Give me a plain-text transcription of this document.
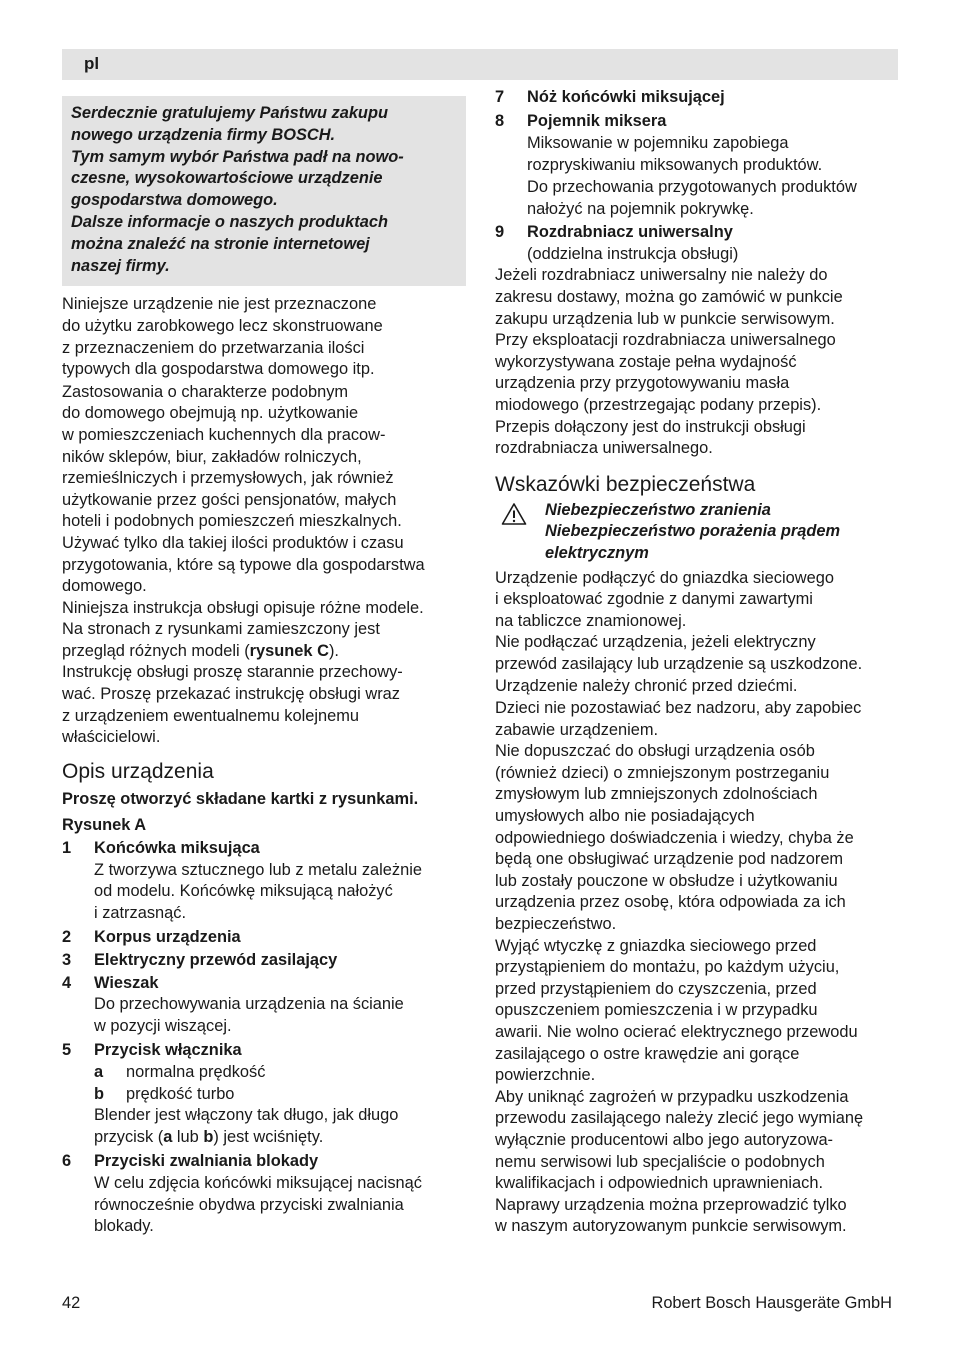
pl
Serdecznie gratulujemy Państwu zakupu
nowego urządzenia firmy BOSCH.
Tym samym wybór Państwa padł na nowo-
czesne, wysokowartościowe urządzenie
gospodarstwa domowego.
Dalsze informacje o naszych produktach
można znaleźć na stronie internetowej
naszej firmy.

Niniejsze urządzenie nie jest przeznaczone
do użytku zarobkowego lecz skonstruowane
z przeznaczeniem do przetwarzania ilości
typowych dla gospodarstwa domowego itp.

Zastosowania o charakterze podobnym
do domowego obejmują np. użytkowanie
w pomieszczeniach kuchennych dla pracow-
ników sklepów, biur, zakładów rolniczych,
rzemieślniczych i przemysłowych, jak również
użytkowanie przez gości pensjonatów, małych
hoteli i podobnych pomieszczeń mieszkalnych.

Używać tylko dla takiej ilości produktów i czasu
przygotowania, które są typowe dla gospodarstwa
domowego.

Niniejsza instrukcja obsługi opisuje różne modele.
Na stronach z rysunkami zamieszczony jest
przegląd różnych modeli (rysunek C).

Instrukcję obsługi proszę starannie przechowy-
wać. Proszę przekazać instrukcję obsługi wraz
z urządzeniem ewentualnemu kolejnemu
właścicielowi.

Opis urządzenia
Proszę otworzyć składane kartki z rysunkami.
Rysunek A
1	Końcówka miksująca
Z tworzywa sztucznego lub z metalu zależnie
od modelu. Końcówkę miksującą nałożyć
i zatrzasnąć.
2	Korpus urządzenia
3	Elektryczny przewód zasilający
4	Wieszak
Do przechowywania urządzenia na ścianie
w pozycji wiszącej.
5	Przycisk włącznika
a	normalna prędkość
b	prędkość turbo
Blender jest włączony tak długo, jak długo
przycisk (a lub b) jest wciśnięty.
6	Przyciski zwalniania blokady
W celu zdjęcia końcówki miksującej nacisnąć
równocześnie obydwa przyciski zwalniania
blokady.
7	Nóż końcówki miksującej
8	Pojemnik miksera
Miksowanie w pojemniku zapobiega
rozpryskiwaniu miksowanych produktów.
Do przechowania przygotowanych produktów
nałożyć na pojemnik pokrywkę.
9	Rozdrabniacz uniwersalny
(oddzielna instrukcja obsługi)

Jeżeli rozdrabniacz uniwersalny nie należy do
zakresu dostawy, można go zamówić w punkcie
zakupu urządzenia lub w punkcie serwisowym.
Przy eksploatacji rozdrabniacza uniwersalnego
wykorzystywana zostaje pełna wydajność
urządzenia przy przygotowywaniu masła
miodowego (przestrzegając podany przepis).
Przepis dołączony jest do instrukcji obsługi
rozdrabniacza uniwersalnego.

Wskazówki bezpieczeństwa
Niebezpieczeństwo zranienia
Niebezpieczeństwo porażenia prądem
elektrycznym

Urządzenie podłączyć do gniazdka sieciowego
i eksploatować zgodnie z danymi zawartymi
na tabliczce znamionowej.
Nie podłączać urządzenia, jeżeli elektryczny
przewód zasilający lub urządzenie są uszkodzone.

Urządzenie należy chronić przed dziećmi.
Dzieci nie pozostawiać bez nadzoru, aby zapobiec
zabawie urządzeniem.
Nie dopuszczać do obsługi urządzenia osób
(również dzieci) o zmniejszonym postrzeganiu
zmysłowym lub zmniejszonych zdolnościach
umysłowych albo nie posiadających
odpowiedniego doświadczenia i wiedzy, chyba że
będą one obsługiwać urządzenie pod nadzorem
lub zostały pouczone w obsłudze i użytkowaniu
urządzenia przez osobę, która odpowiada za ich
bezpieczeństwo.
Wyjąć wtyczkę z gniazdka sieciowego przed
przystąpieniem do montażu, po każdym użyciu,
przed przystąpieniem do czyszczenia, przed
opuszczeniem pomieszczenia i w przypadku
awarii. Nie wolno ocierać elektrycznego przewodu
zasilającego o ostre krawędzie ani gorące
powierzchnie.
Aby uniknąć zagrożeń w przypadku uszkodzenia
przewodu zasilającego należy zlecić jego wymianę
wyłącznie producentowi albo jego autoryzowa-
nemu serwisowi lub specjaliście o podobnych
kwalifikacjach i odpowiednich uprawnieniach.
Naprawy urządzenia można przeprowadzić tylko
w naszym autoryzowanym punkcie serwisowym.

42	Robert Bosch Hausgeräte GmbH
